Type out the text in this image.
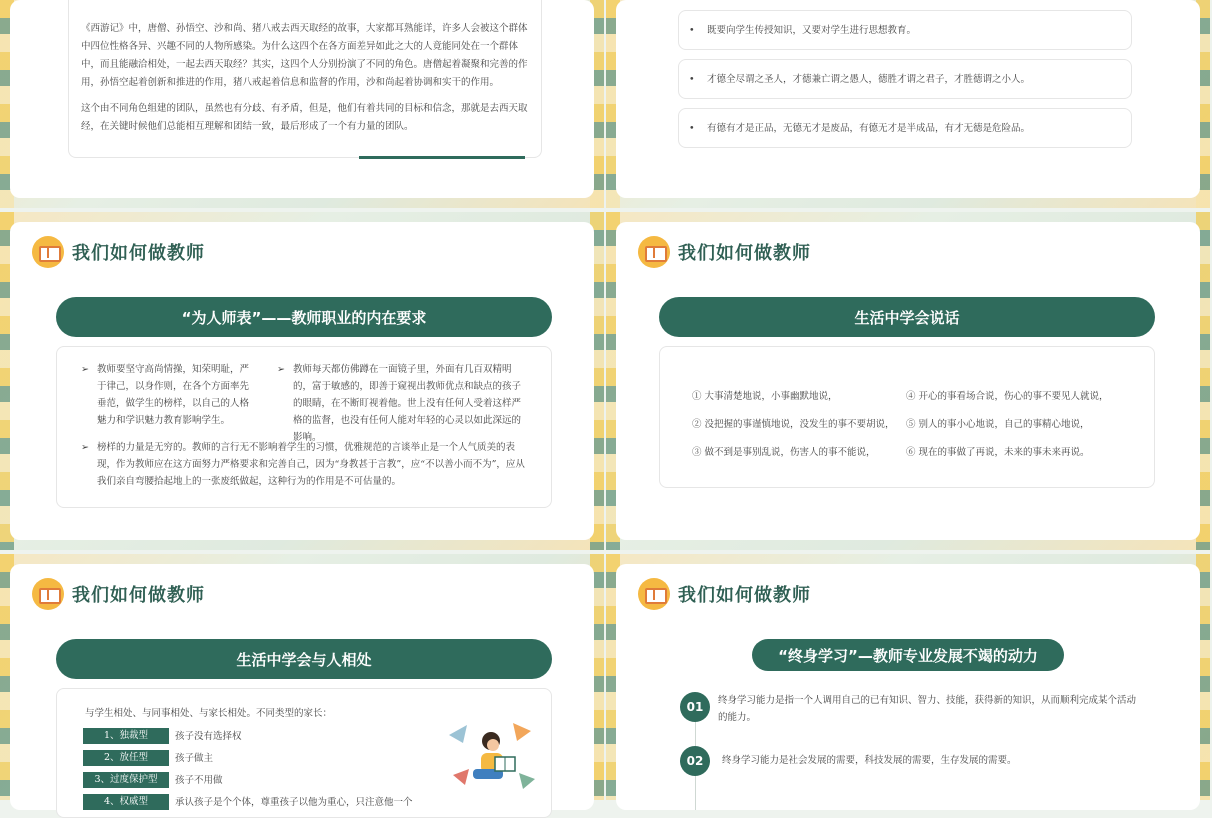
《西游记》中，唐僧、孙悟空、沙和尚、猪八戒去西天取经的故事，大家都耳熟能详，许多人会被这个群体中四位性格各异、兴趣不同的人物所感染。为什么这四个在各方面差异如此之大的人竟能同处在一个群体中，而且能融洽相处，一起去西天取经？其实，这四个人分别扮演了不同的角色。唐僧起着凝聚和完善的作用，孙悟空起着创新和推进的作用，猪八戒起着信息和监督的作用，沙和尚起着协调和实干的作用。

这个由不同角色组建的团队，虽然也有分歧、有矛盾，但是，他们有着共同的目标和信念，那就是去西天取经，在关键时候他们总能相互理解和团结一致，最后形成了一个有力量的团队。

•	既要向学生传授知识，又要对学生进行思想教育。
•	才德全尽谓之圣人，才德兼亡谓之愚人，德胜才谓之君子，才胜德谓之小人。
•	有德有才是正品，无德无才是废品，有德无才是半成品，有才无德是危险品。
我们如何做教师
“为人师表”——教师职业的内在要求
➢ 教师要坚守高尚情操，知荣明耻，严于律己，以身作则，在各个方面率先垂范，做学生的榜样，以自己的人格魅力和学识魅力教育影响学生。
➢ 教师每天都仿佛蹲在一面镜子里，外面有几百双精明的，富于敏感的，即善于窥视出教师优点和缺点的孩子的眼睛，在不断盯视着他。世上没有任何人受着这样严格的监督，也没有任何人能对年轻的心灵以如此深远的影响。
➢ 榜样的力量是无穷的。教师的言行无不影响着学生的习惯，优雅规范的言谈举止是一个人气质美的表现，作为教师应在这方面努力严格要求和完善自己，因为“身教甚于言教”，应“不以善小而不为”，应从我们亲自弯腰拾起地上的一张废纸做起，这种行为的作用是不可估量的。
我们如何做教师
生活中学会说话
① 大事清楚地说，小事幽默地说，
② 没把握的事谨慎地说，没发生的事不要胡说，
③ 做不到是事别乱说，伤害人的事不能说，
④ 开心的事看场合说，伤心的事不要见人就说，
⑤ 别人的事小心地说，自己的事精心地说，
⑥ 现在的事做了再说，未来的事未来再说。
我们如何做教师
生活中学会与人相处
与学生相处、与同事相处、与家长相处。不同类型的家长：
1、独裁型	孩子没有选择权
2、放任型	孩子做主
3、过度保护型	孩子不用做
4、权威型	承认孩子是个个体，尊重孩子以他为重心，只注意他一个
我们如何做教师
“终身学习”—教师专业发展不竭的动力
01	终身学习能力是指一个人调用自己的已有知识、智力、技能，获得新的知识，从而顺利完成某个活动的能力。
02	终身学习能力是社会发展的需要，科技发展的需要，生存发展的需要。
